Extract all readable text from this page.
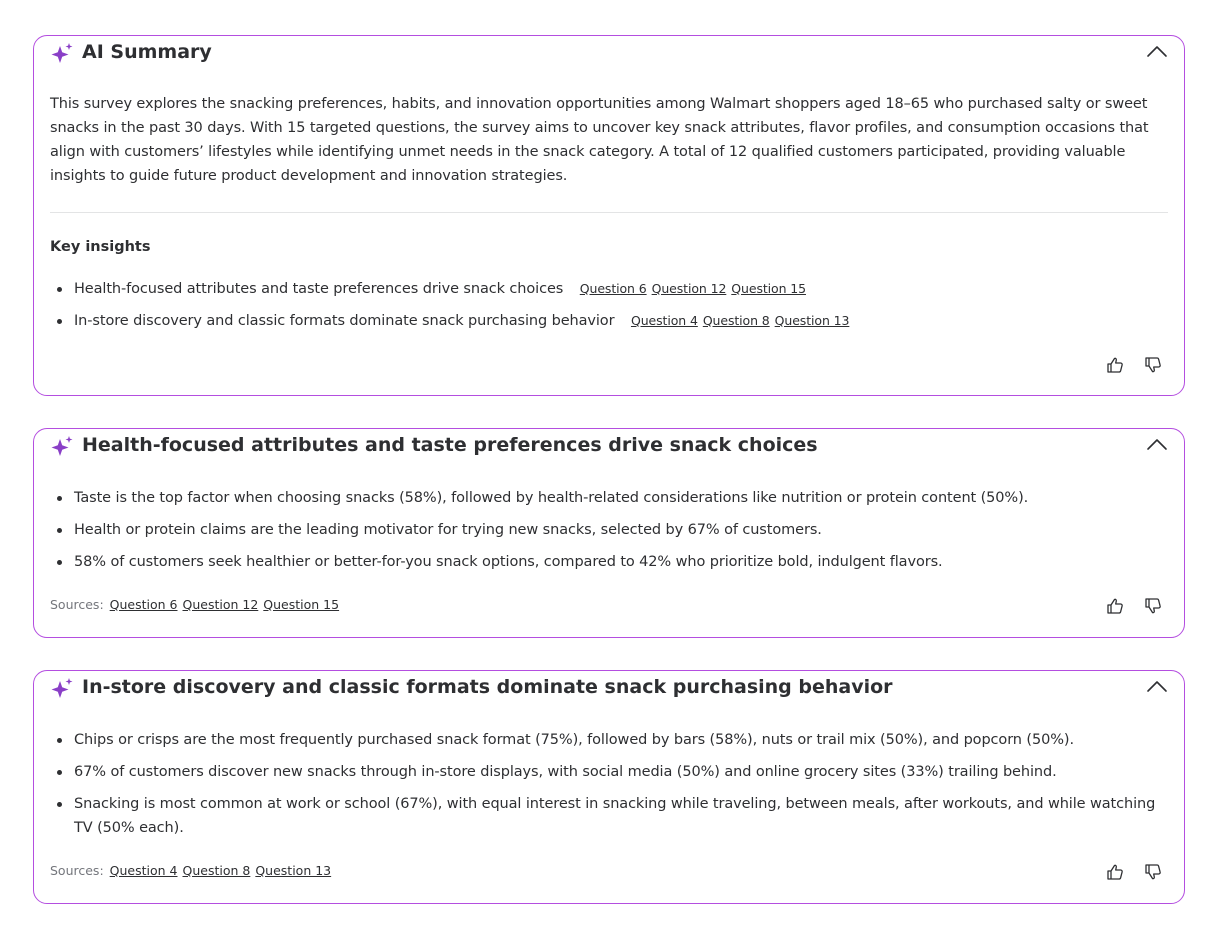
AI Summary

This survey explores the snacking preferences, habits, and innovation opportunities among Walmart shoppers aged 18–65 who purchased salty or sweet snacks in the past 30 days. With 15 targeted questions, the survey aims to uncover key snack attributes, flavor profiles, and consumption occasions that align with customers’ lifestyles while identifying unmet needs in the snack category. A total of 12 qualified customers participated, providing valuable insights to guide future product development and innovation strategies.

Key insights
Health-focused attributes and taste preferences drive snack choices Question 6 Question 12 Question 15
In-store discovery and classic formats dominate snack purchasing behavior Question 4 Question 8 Question 13
Health-focused attributes and taste preferences drive snack choices
Taste is the top factor when choosing snacks (58%), followed by health-related considerations like nutrition or protein content (50%).
Health or protein claims are the leading motivator for trying new snacks, selected by 67% of customers.
58% of customers seek healthier or better-for-you snack options, compared to 42% who prioritize bold, indulgent flavors.
Sources: Question 6 Question 12 Question 15
In-store discovery and classic formats dominate snack purchasing behavior
Chips or crisps are the most frequently purchased snack format (75%), followed by bars (58%), nuts or trail mix (50%), and popcorn (50%).
67% of customers discover new snacks through in-store displays, with social media (50%) and online grocery sites (33%) trailing behind.
Snacking is most common at work or school (67%), with equal interest in snacking while traveling, between meals, after workouts, and while watching TV (50% each).
Sources: Question 4 Question 8 Question 13
